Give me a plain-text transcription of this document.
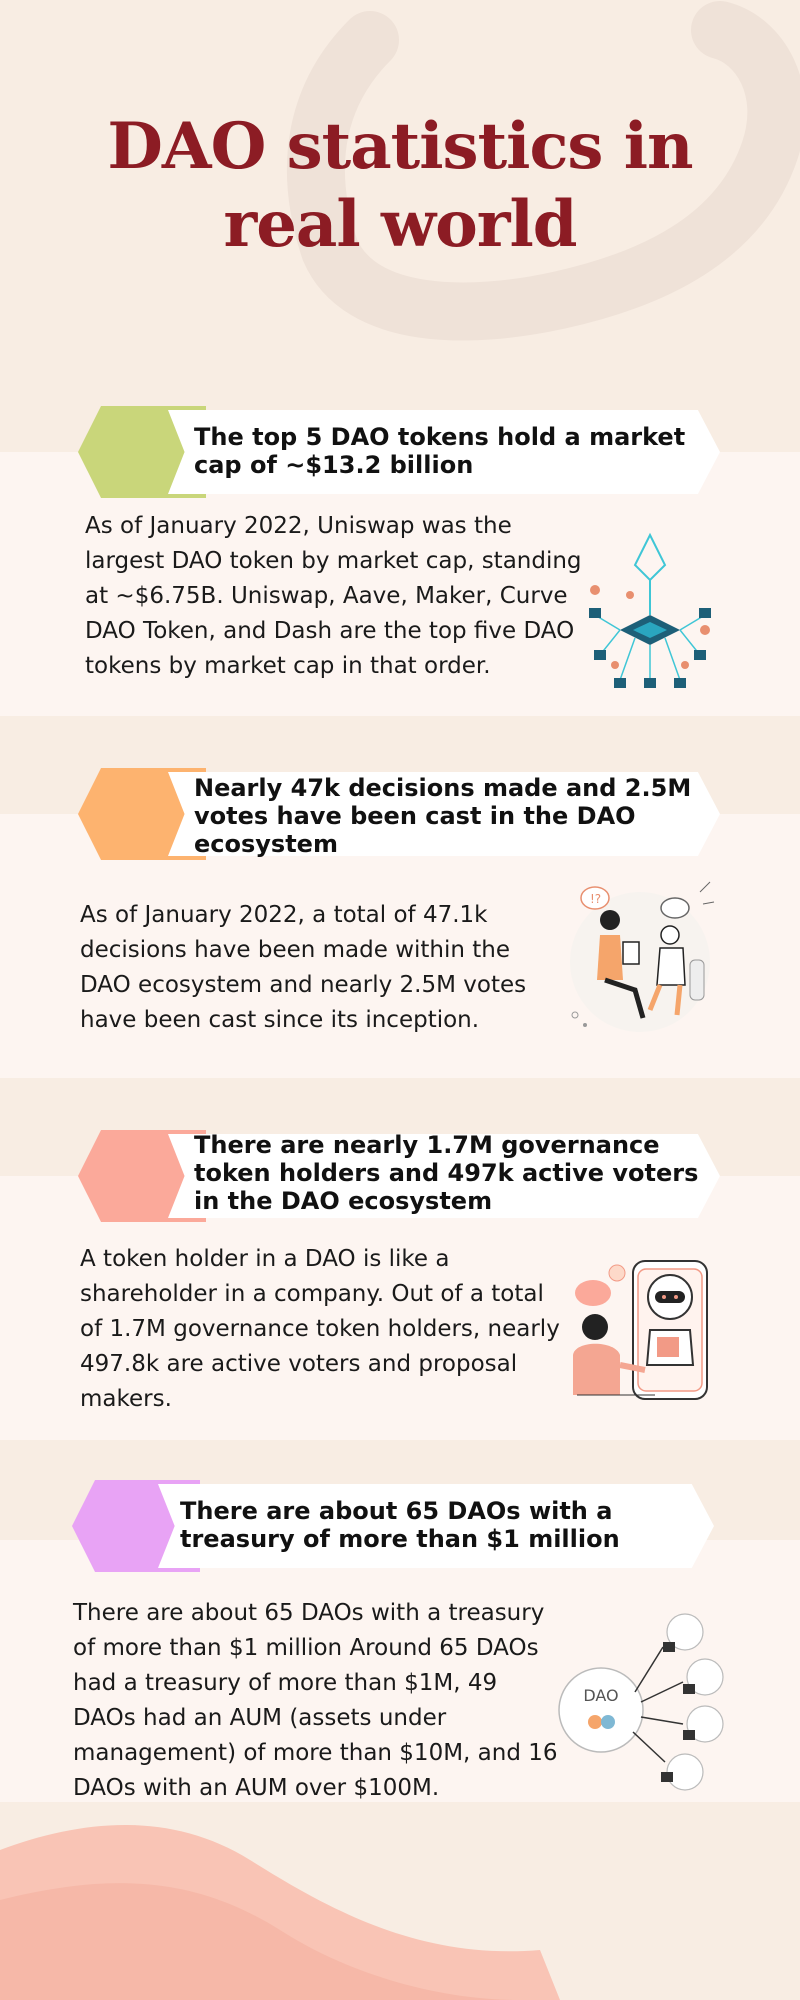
DAO statistics in real world
The top 5 DAO tokens hold a market cap of ~$13.2 billion
As of January 2022, Uniswap was the largest DAO token by market cap, standing at ~$6.75B. Uniswap, Aave, Maker, Curve DAO Token, and Dash are the top five DAO tokens by market cap in that order.
Nearly 47k decisions made and 2.5M votes have been cast in the DAO ecosystem
As of January 2022, a total of 47.1k decisions have been made within the DAO ecosystem and nearly 2.5M votes have been cast since its inception.
!?
There are nearly 1.7M governance token holders and 497k active voters in the DAO ecosystem
A token holder in a DAO is like a shareholder in a company. Out of a total of 1.7M governance token holders, nearly 497.8k are active voters and proposal makers.
There are about 65 DAOs with a treasury of more than $1 million
There are about 65 DAOs with a treasury of more than $1 million Around 65 DAOs had a treasury of more than $1M, 49 DAOs had an AUM (assets under management) of more than $10M, and 16 DAOs with an AUM over $100M.
DAO
